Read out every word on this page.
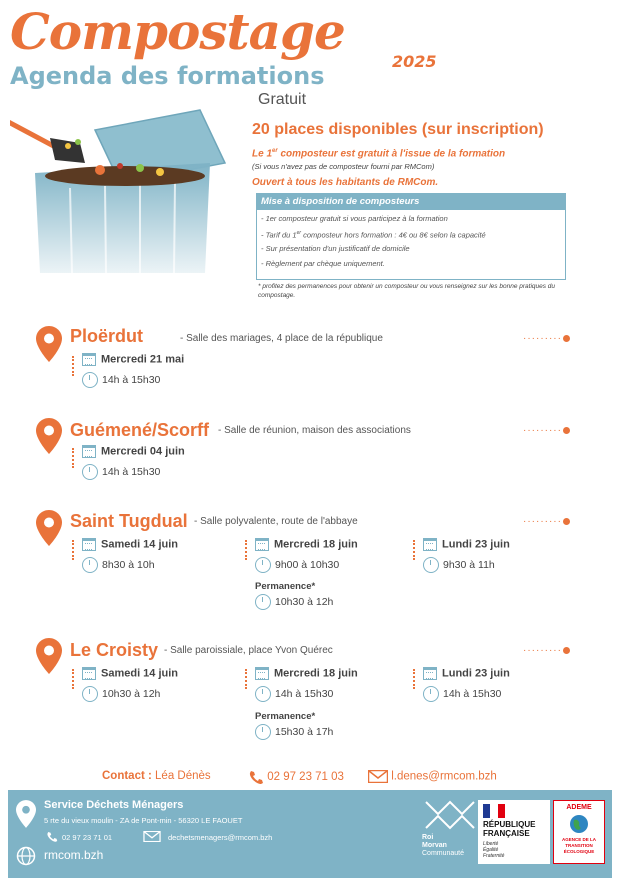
Compostage
2025
Agenda des formations
Gratuit
20 places disponibles (sur inscription)
Le 1er composteur est gratuit à l'issue de la formation
(Si vous n'avez pas de composteur fourni par RMCom)
Ouvert à tous les habitants de RMCom.
Mise à disposition de composteurs
- 1er composteur gratuit si vous participez à la formation
- Tarif du 1er composteur hors formation : 4€ ou 8€ selon la capacité
- Sur présentation d'un justificatif de domicile
- Règlement par chèque uniquement.
* profitez des permanences pour obtenir un composteur ou vous renseignez sur les bonne pratiques du compostage.
Ploërdut	- Salle des mariages, 4 place de la république	·········
Mercredi 21 mai
14h à 15h30
Guémené/Scorff - Salle de réunion, maison des associations	·········
Mercredi 04 juin
14h à 15h30
Saint Tugdual - Salle polyvalente, route de l'abbaye	·········
Samedi 14 juin
8h30 à 10h
Mercredi 18 juin
9h00 à 10h30
Lundi 23 juin
9h30 à 11h
Permanence*
10h30 à 12h
Le Croisty - Salle paroissiale, place Yvon Quérec	·········
Samedi 14 juin
10h30 à 12h
Mercredi 18 juin
14h à 15h30
Lundi 23 juin
14h à 15h30
Permanence*
15h30 à 17h
Contact : Léa Dénès	02 97 23 71 03	l.denes@rmcom.bzh
Service Déchets Ménagers
5 rte du vieux moulin - ZA de Pont-min - 56320 LE FAOUET
02 97 23 71 01	dechetsmenagers@rmcom.bzh
rmcom.bzh
Roi
Morvan
Communauté
RÉPUBLIQUE
FRANÇAISE
Liberté
Égalité
Fraternité
ADEME
AGENCE DE LA
TRANSITION
ÉCOLOGIQUE
